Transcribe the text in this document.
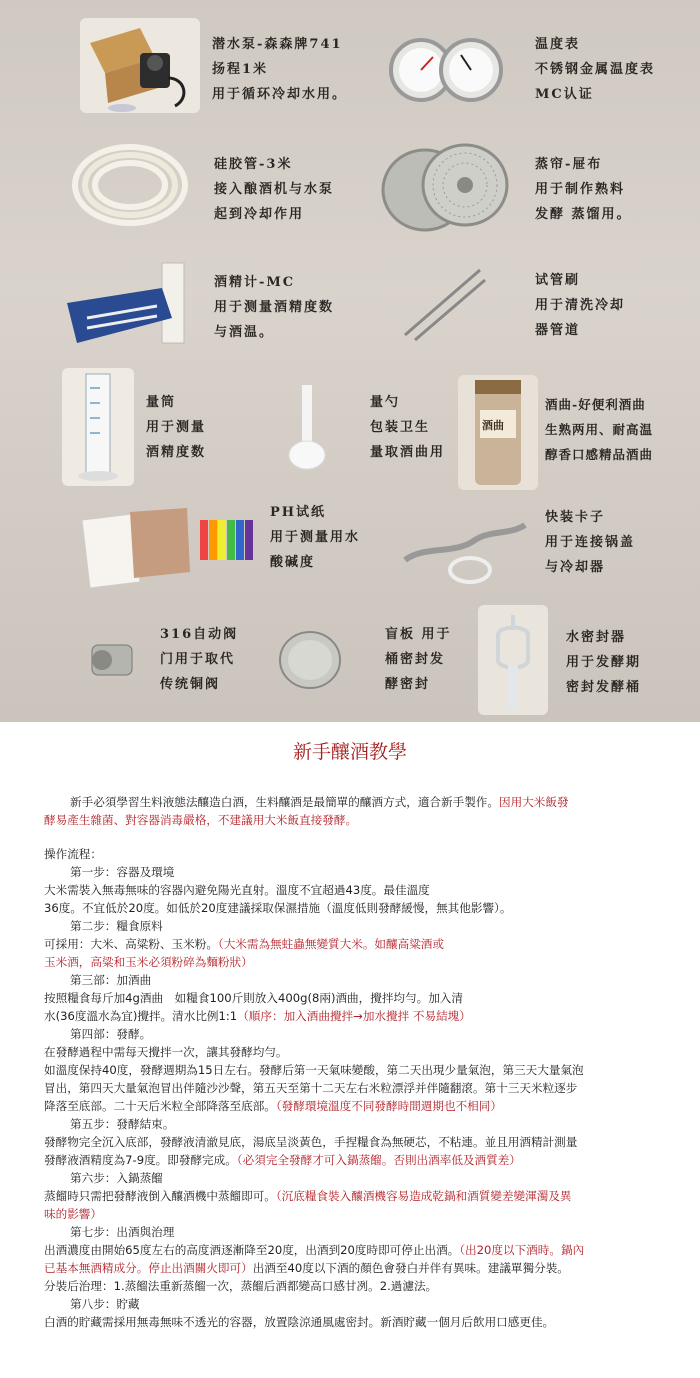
潜水泵-森森牌741
扬程1米
用于循环冷却水用。
温度表
不锈钢金属温度表
MC认证
硅胶管-3米
接入酿酒机与水泵
起到冷却作用
蒸帘-屉布
用于制作熟料
发酵 蒸馏用。
酒精计-MC
用于测量酒精度数
与酒温。
试管刷
用于清洗冷却
器管道
量筒
用于测量
酒精度数
量勺
包装卫生
量取酒曲用
酒曲
酒曲-好便利酒曲
生熟两用、耐高温
醇香口感精品酒曲
PH试纸
用于测量用水
酸碱度
快装卡子
用于连接锅盖
与冷却器
316自动阀
门用于取代
传统铜阀
盲板 用于
桶密封发
酵密封
水密封器
用于发酵期
密封发酵桶
新手釀酒教學
新手必須學習生料液態法釀造白酒，生料釀酒是最簡單的釀酒方式，適合新手製作。因用大米飯發
酵易產生雜菌、對容器消毒嚴格，不建議用大米飯直接發酵。
操作流程：
第一步：容器及環境
大米需裝入無毒無味的容器內避免陽光直射。溫度不宜超過43度。最佳溫度
36度。不宜低於20度。如低於20度建議採取保濕措施（溫度低則發酵緩慢，無其他影響）。
第二步：糧食原料
可採用：大米、高粱粉、玉米粉。（大米需為無蛀蟲無變質大米。如釀高粱酒或
玉米酒，高粱和玉米必須粉碎為麵粉狀）
第三部：加酒曲
按照糧食每斤加4g酒曲　如糧食100斤則放入400g(8兩)酒曲，攪拌均勻。加入清
水(36度溫水為宜)攪拌。清水比例1:1（順序：加入酒曲攪拌→加水攪拌 不易結塊）
第四部：發酵。
在發酵過程中需每天攪拌一次，讓其發酵均勻。
如溫度保持40度，發酵週期為15日左右。發酵后第一天氣味變酸，第二天出現少量氣泡，第三天大量氣泡
冒出，第四天大量氣泡冒出伴隨沙沙聲，第五天至第十二天左右米粒漂浮并伴隨翻滾。第十三天米粒逐步
降落至底部。二十天后米粒全部降落至底部。（發酵環境溫度不同發酵時間週期也不相同）
第五步：發酵結束。
發酵物完全沉入底部，發酵液清澈見底，湯底呈淡黃色，手捏糧食為無硬芯，不粘連。並且用酒精計測量
發酵液酒精度為7-9度。即發酵完成。（必須完全發酵才可入鍋蒸餾。否則出酒率低及酒質差）
第六步：入鍋蒸餾
蒸餾時只需把發酵液倒入釀酒機中蒸餾即可。（沉底糧食裝入釀酒機容易造成乾鍋和酒質變差變渾濁及異
味的影響）
第七步：出酒與治理
出酒濃度由開始65度左右的高度酒逐漸降至20度，出酒到20度時即可停止出酒。（出20度以下酒時。鍋內
已基本無酒精成分。停止出酒關火即可）出酒至40度以下酒的顏色會發白并伴有異味。建議單獨分裝。
分裝后治理：1.蒸餾法重新蒸餾一次，蒸餾后酒都變高口感甘冽。2.過濾法。
第八步：貯藏
白酒的貯藏需採用無毒無味不透光的容器，放置陰涼通風處密封。新酒貯藏一個月后飲用口感更佳。
